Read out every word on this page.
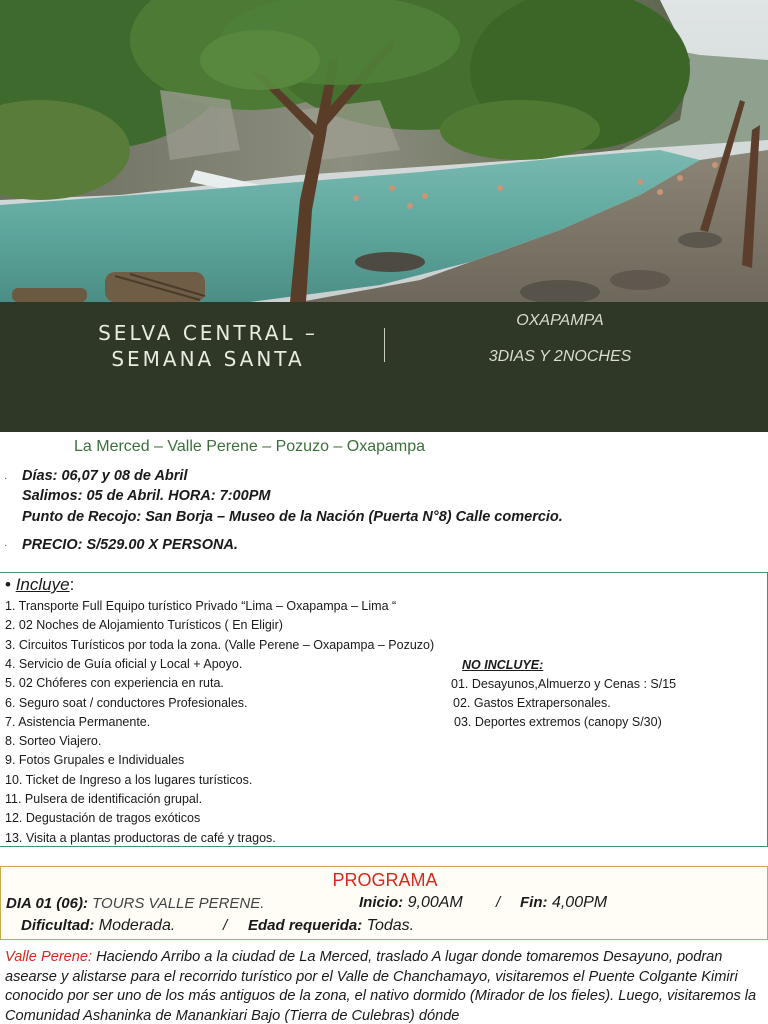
SELVA CENTRAL –
SEMANA SANTA
OXAPAMPA
3DIAS Y 2NOCHES
La Merced – Valle Perene – Pozuzo – Oxapampa
· Días: 06,07 y 08 de Abril
Salimos: 05 de Abril. HORA: 7:00PM
Punto de Recojo: San Borja – Museo de la Nación (Puerta N°8) Calle comercio.
· PRECIO: S/529.00 X PERSONA.
• Incluye:
1. Transporte Full Equipo turístico Privado “Lima – Oxapampa – Lima “
2. 02 Noches de Alojamiento Turísticos ( En Eligir)
3. Circuitos Turísticos por toda la zona. (Valle Perene – Oxapampa – Pozuzo)
4. Servicio de Guía oficial y Local + Apoyo.
5. 02 Chóferes con experiencia en ruta.
6. Seguro soat / conductores Profesionales.
7. Asistencia Permanente.
8. Sorteo Viajero.
9. Fotos Grupales e Individuales
10. Ticket de Ingreso a los lugares turísticos.
11. Pulsera de identificación grupal.
12. Degustación de tragos exóticos
13. Visita a plantas productoras de café y tragos.
NO INCLUYE:
01. Desayunos,Almuerzo y Cenas : S/15
02. Gastos Extrapersonales.
03. Deportes extremos (canopy S/30)
PROGRAMA
DIA 01 (06): TOURS VALLE PERENE.	Inicio: 9,00AM / Fin: 4,00PM
Dificultad: Moderada.	/ Edad requerida: Todas.
Valle Perene: Haciendo Arribo a la ciudad de La Merced, traslado A lugar donde tomaremos Desayuno, podran asearse y alistarse para el recorrido turístico por el Valle de Chanchamayo, visitaremos el Puente Colgante Kimiri conocido por ser uno de los más antiguos de la zona, el nativo dormido (Mirador de los fieles). Luego, visitaremos la Comunidad Ashaninka de Manankiari Bajo (Tierra de Culebras) dónde
